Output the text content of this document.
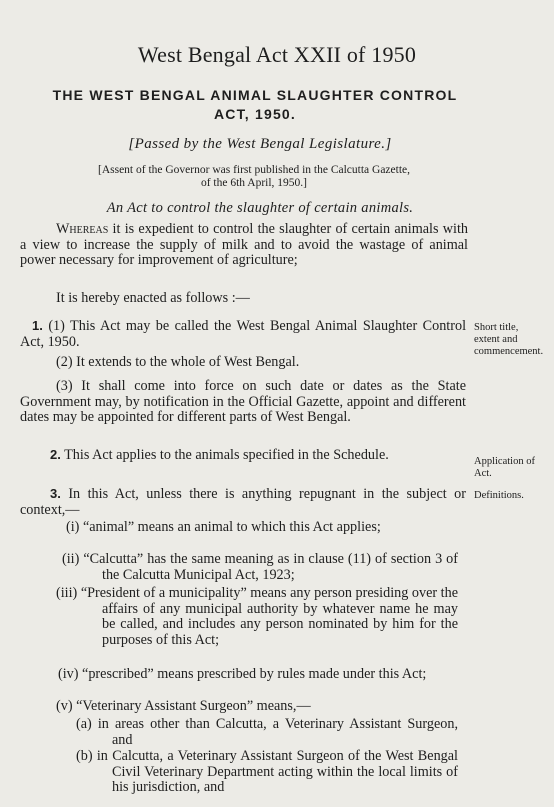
West Bengal Act XXII of 1950
THE WEST BENGAL ANIMAL SLAUGHTER CONTROL
ACT, 1950.
[Passed by the West Bengal Legislature.]
[Assent of the Governor was first published in the Calcutta Gazette,
of the 6th April, 1950.]
An Act to control the slaughter of certain animals.

Whereas it is expedient to control the slaughter of certain animals with a view to increase the supply of milk and to avoid the wastage of animal power necessary for improvement of agriculture;

It is hereby enacted as follows :—

1. (1) This Act may be called the West Bengal Animal Slaughter Control Act, 1950.

(2) It extends to the whole of West Bengal.

(3) It shall come into force on such date or dates as the State Government may, by notification in the Official Gazette, appoint and different dates may be appointed for different parts of West Bengal.

Short title, extent and commencement.

2. This Act applies to the animals specified in the Schedule.	Application of Act.

3. In this Act, unless there is anything repugnant in the subject or context,—

Definitions.

(i) “animal” means an animal to which this Act applies;

(ii) “Calcutta” has the same meaning as in clause (11) of section 3 of the Calcutta Municipal Act, 1923;

(iii) “President of a municipality” means any person presiding over the affairs of any municipal authority by whatever name he may be called, and includes any person nominated by him for the purposes of this Act;

(iv) “prescribed” means prescribed by rules made under this Act;

(v) “Veterinary Assistant Surgeon” means,—

(a) in areas other than Calcutta, a Veterinary Assistant Surgeon, and

(b) in Calcutta, a Veterinary Assistant Surgeon of the West Bengal Civil Veterinary Department acting within the local limits of his jurisdiction, and
